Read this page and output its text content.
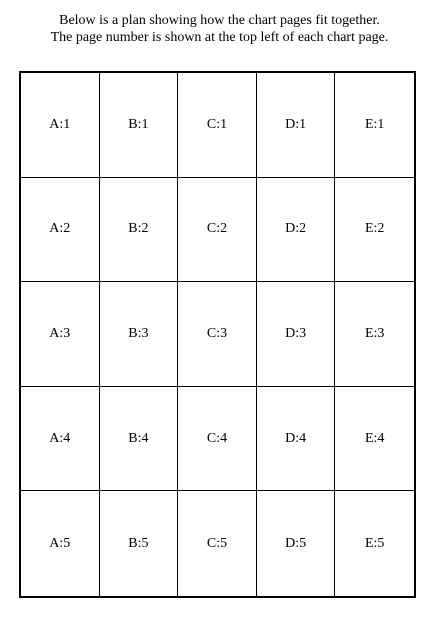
Below is a plan showing how the chart pages fit together.
The page number is shown at the top left of each chart page.
A:1	B:1	C:1	D:1	E:1
A:2	B:2	C:2	D:2	E:2
A:3	B:3	C:3	D:3	E:3
A:4	B:4	C:4	D:4	E:4
A:5	B:5	C:5	D:5	E:5
